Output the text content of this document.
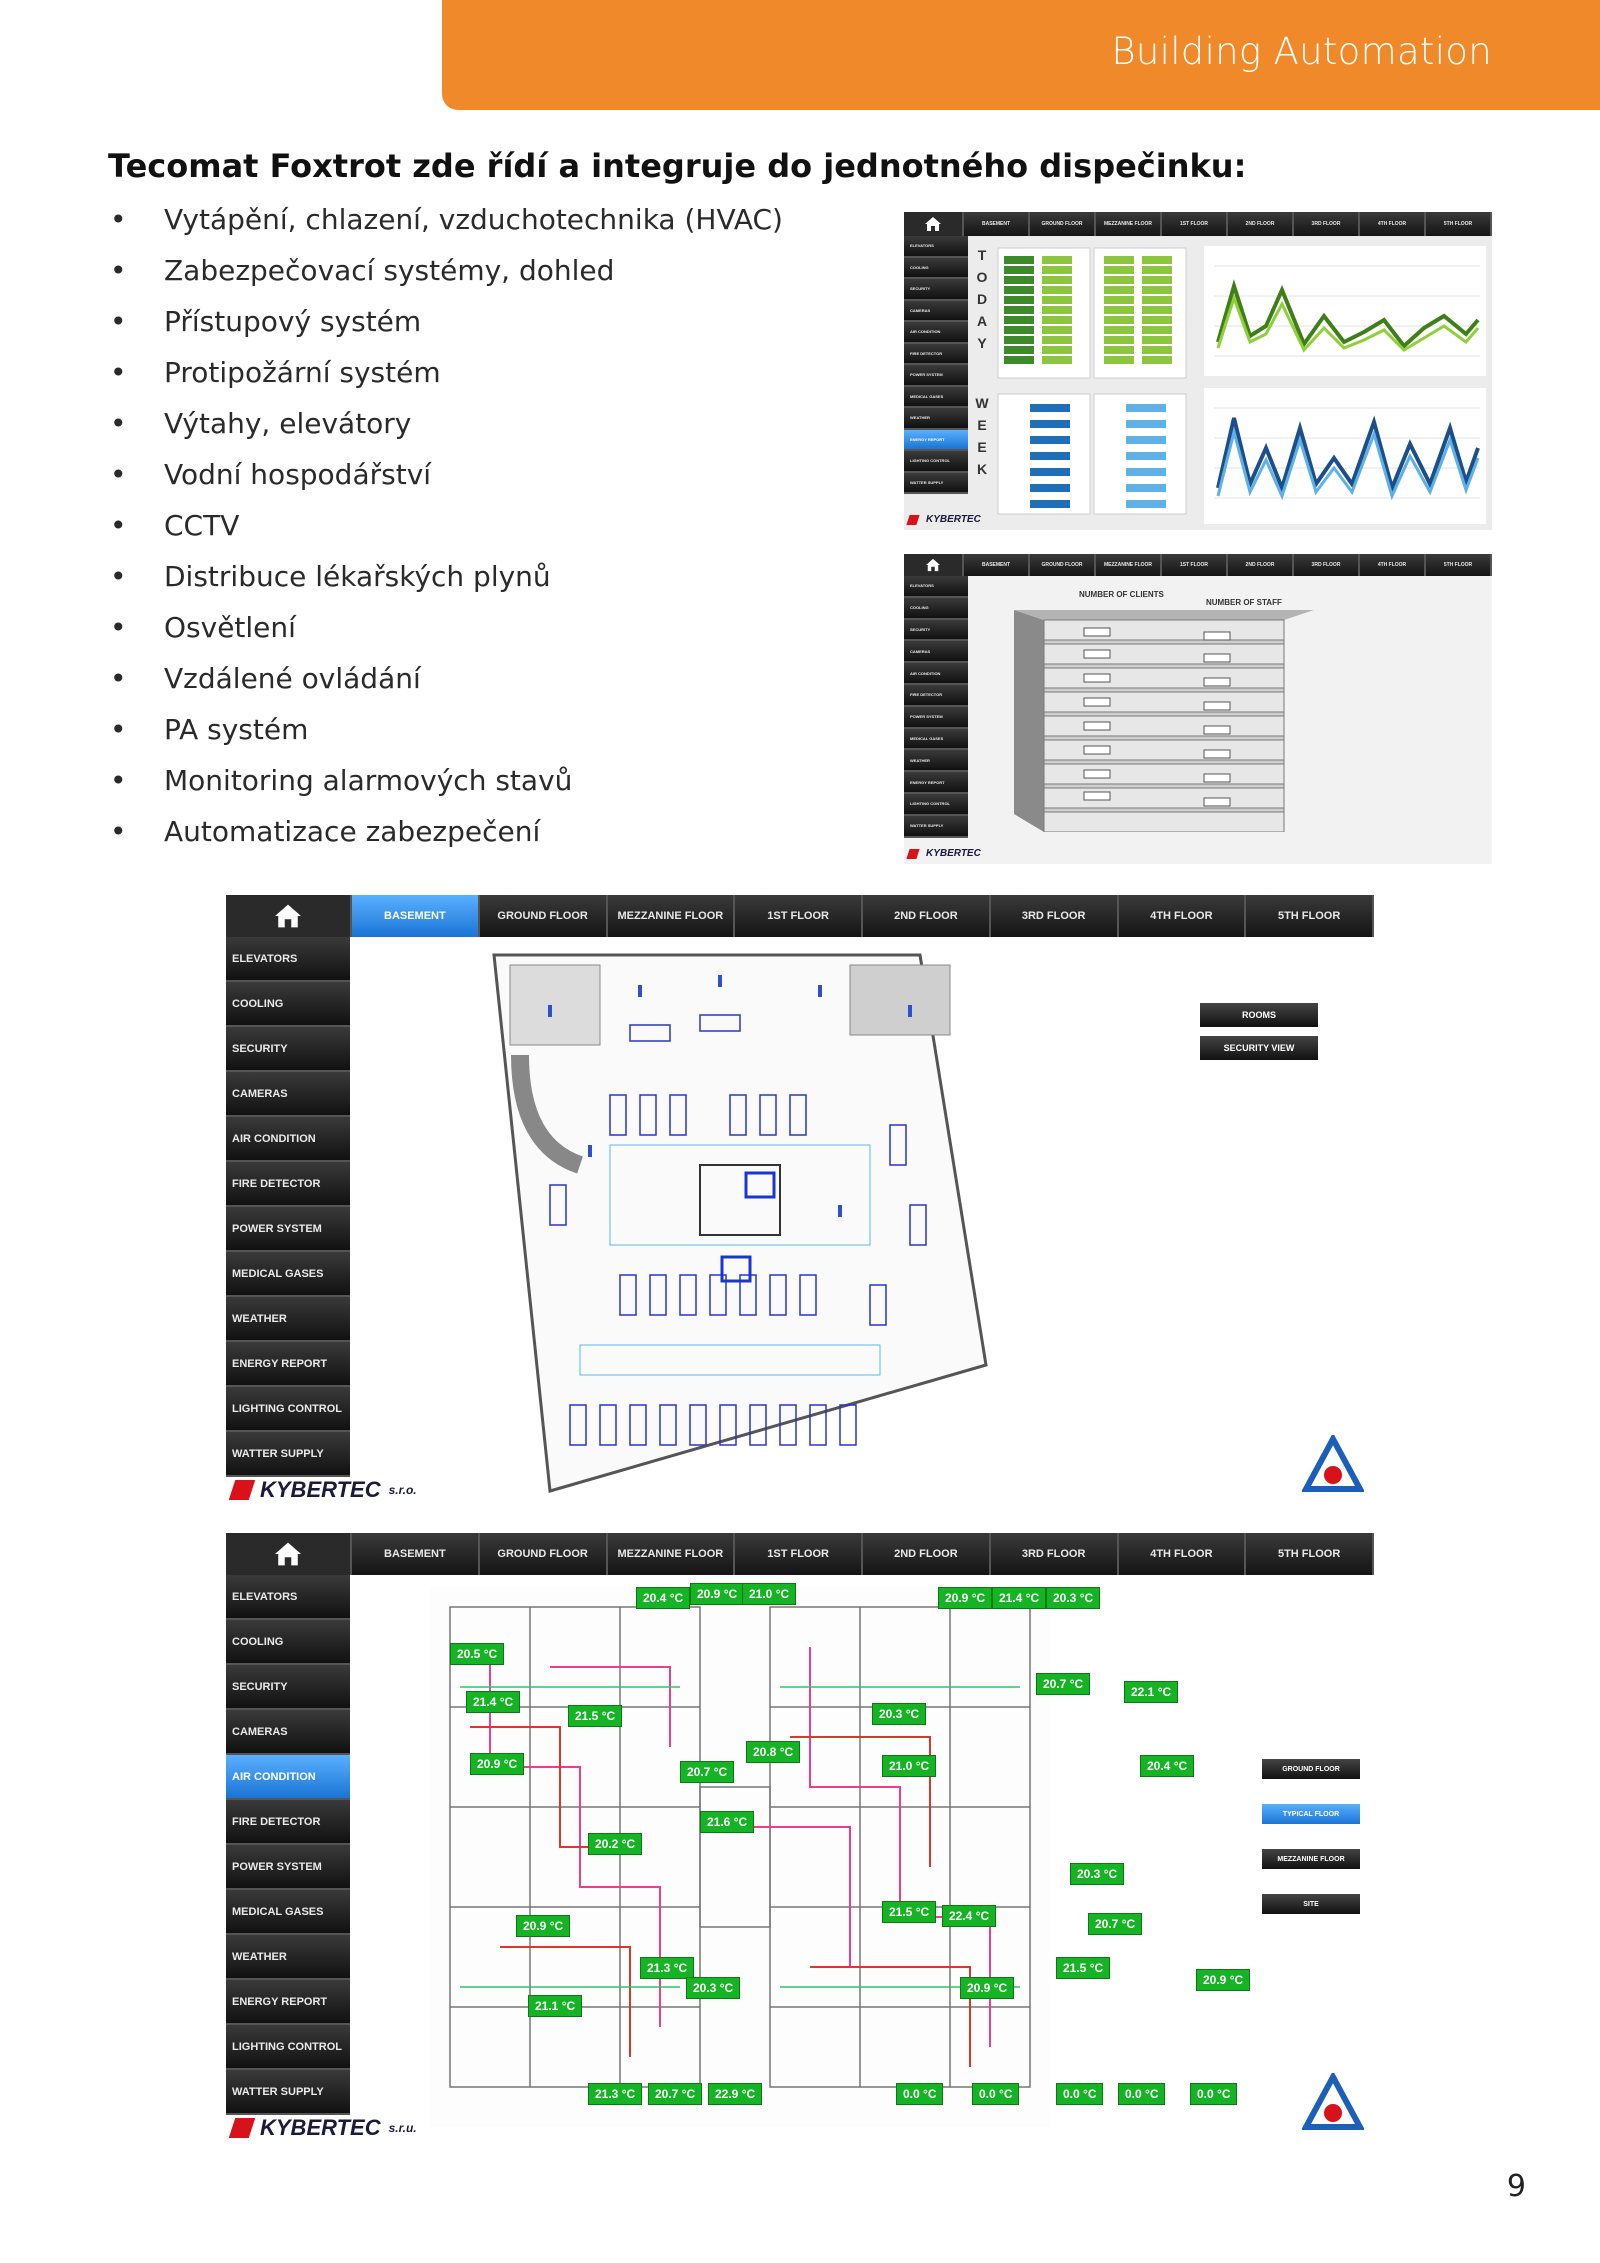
Building Automation
Tecomat Foxtrot zde řídí a integruje do jednotného dispečinku:
• Vytápění, chlazení, vzduchotechnika (HVAC)
• Zabezpečovací systémy, dohled
• Přístupový systém
• Protipožární systém
• Výtahy, elevátory
• Vodní hospodářství
• CCTV
• Distribuce lékařských plynů
• Osvětlení
• Vzdálené ovládání
• PA systém
• Monitoring alarmových stavů
• Automatizace zabezpečení
BASEMENT	GROUND FLOOR	MEZZANINE FLOOR	1ST FLOOR	2ND FLOOR	3RD FLOOR	4TH FLOOR	5TH FLOOR
ELEVATORS
COOLING
SECURITY
CAMERAS
AIR CONDITION
FIRE DETECTOR
POWER SYSTEM
MEDICAL GASES
WEATHER
ENERGY REPORT
LIGHTING CONTROL
WATTER SUPPLY
T
O
D
A
Y
W
E
E
K
KYBERTEC
BASEMENT	GROUND FLOOR	MEZZANINE FLOOR	1ST FLOOR	2ND FLOOR	3RD FLOOR	4TH FLOOR	5TH FLOOR
ELEVATORS
COOLING
SECURITY
CAMERAS
AIR CONDITION
FIRE DETECTOR
POWER SYSTEM
MEDICAL GASES
WEATHER
ENERGY REPORT
LIGHTING CONTROL
WATTER SUPPLY
NUMBER OF CLIENTS
NUMBER OF STAFF
KYBERTEC
BASEMENT	GROUND FLOOR	MEZZANINE FLOOR	1ST FLOOR	2ND FLOOR	3RD FLOOR	4TH FLOOR	5TH FLOOR
ELEVATORS
COOLING
SECURITY
CAMERAS
AIR CONDITION
FIRE DETECTOR
POWER SYSTEM
MEDICAL GASES
WEATHER
ENERGY REPORT
LIGHTING CONTROL
WATTER SUPPLY
ROOMS
SECURITY VIEW
KYBERTEC s.r.o.
BASEMENT	GROUND FLOOR	MEZZANINE FLOOR	1ST FLOOR	2ND FLOOR	3RD FLOOR	4TH FLOOR	5TH FLOOR
ELEVATORS
COOLING
SECURITY
CAMERAS
AIR CONDITION
FIRE DETECTOR
POWER SYSTEM
MEDICAL GASES
WEATHER
ENERGY REPORT
LIGHTING CONTROL
WATTER SUPPLY
20.4 °C	20.9 °C 21.0 °C	20.9 °C	21.4 °C	20.3 °C
20.5 °C
20.7 °C
22.1 °C
21.4 °C
21.5 °C	20.3 °C
20.8 °C
20.9 °C	21.0 °C
20.7 °C	20.4 °C
21.6 °C
20.2 °C
20.3 °C
21.5 °C	22.4 °C
20.9 °C	20.7 °C
21.3 °C	21.5 °C
20.3 °C	20.9 °C
20.9 °C
21.1 °C
21.3 °C	20.7 °C	22.9 °C	0.0 °C	0.0 °C	0.0 °C	0.0 °C	0.0 °C
GROUND FLOOR
TYPICAL FLOOR
MEZZANINE FLOOR
SITE
KYBERTEC s.r.u.
9
